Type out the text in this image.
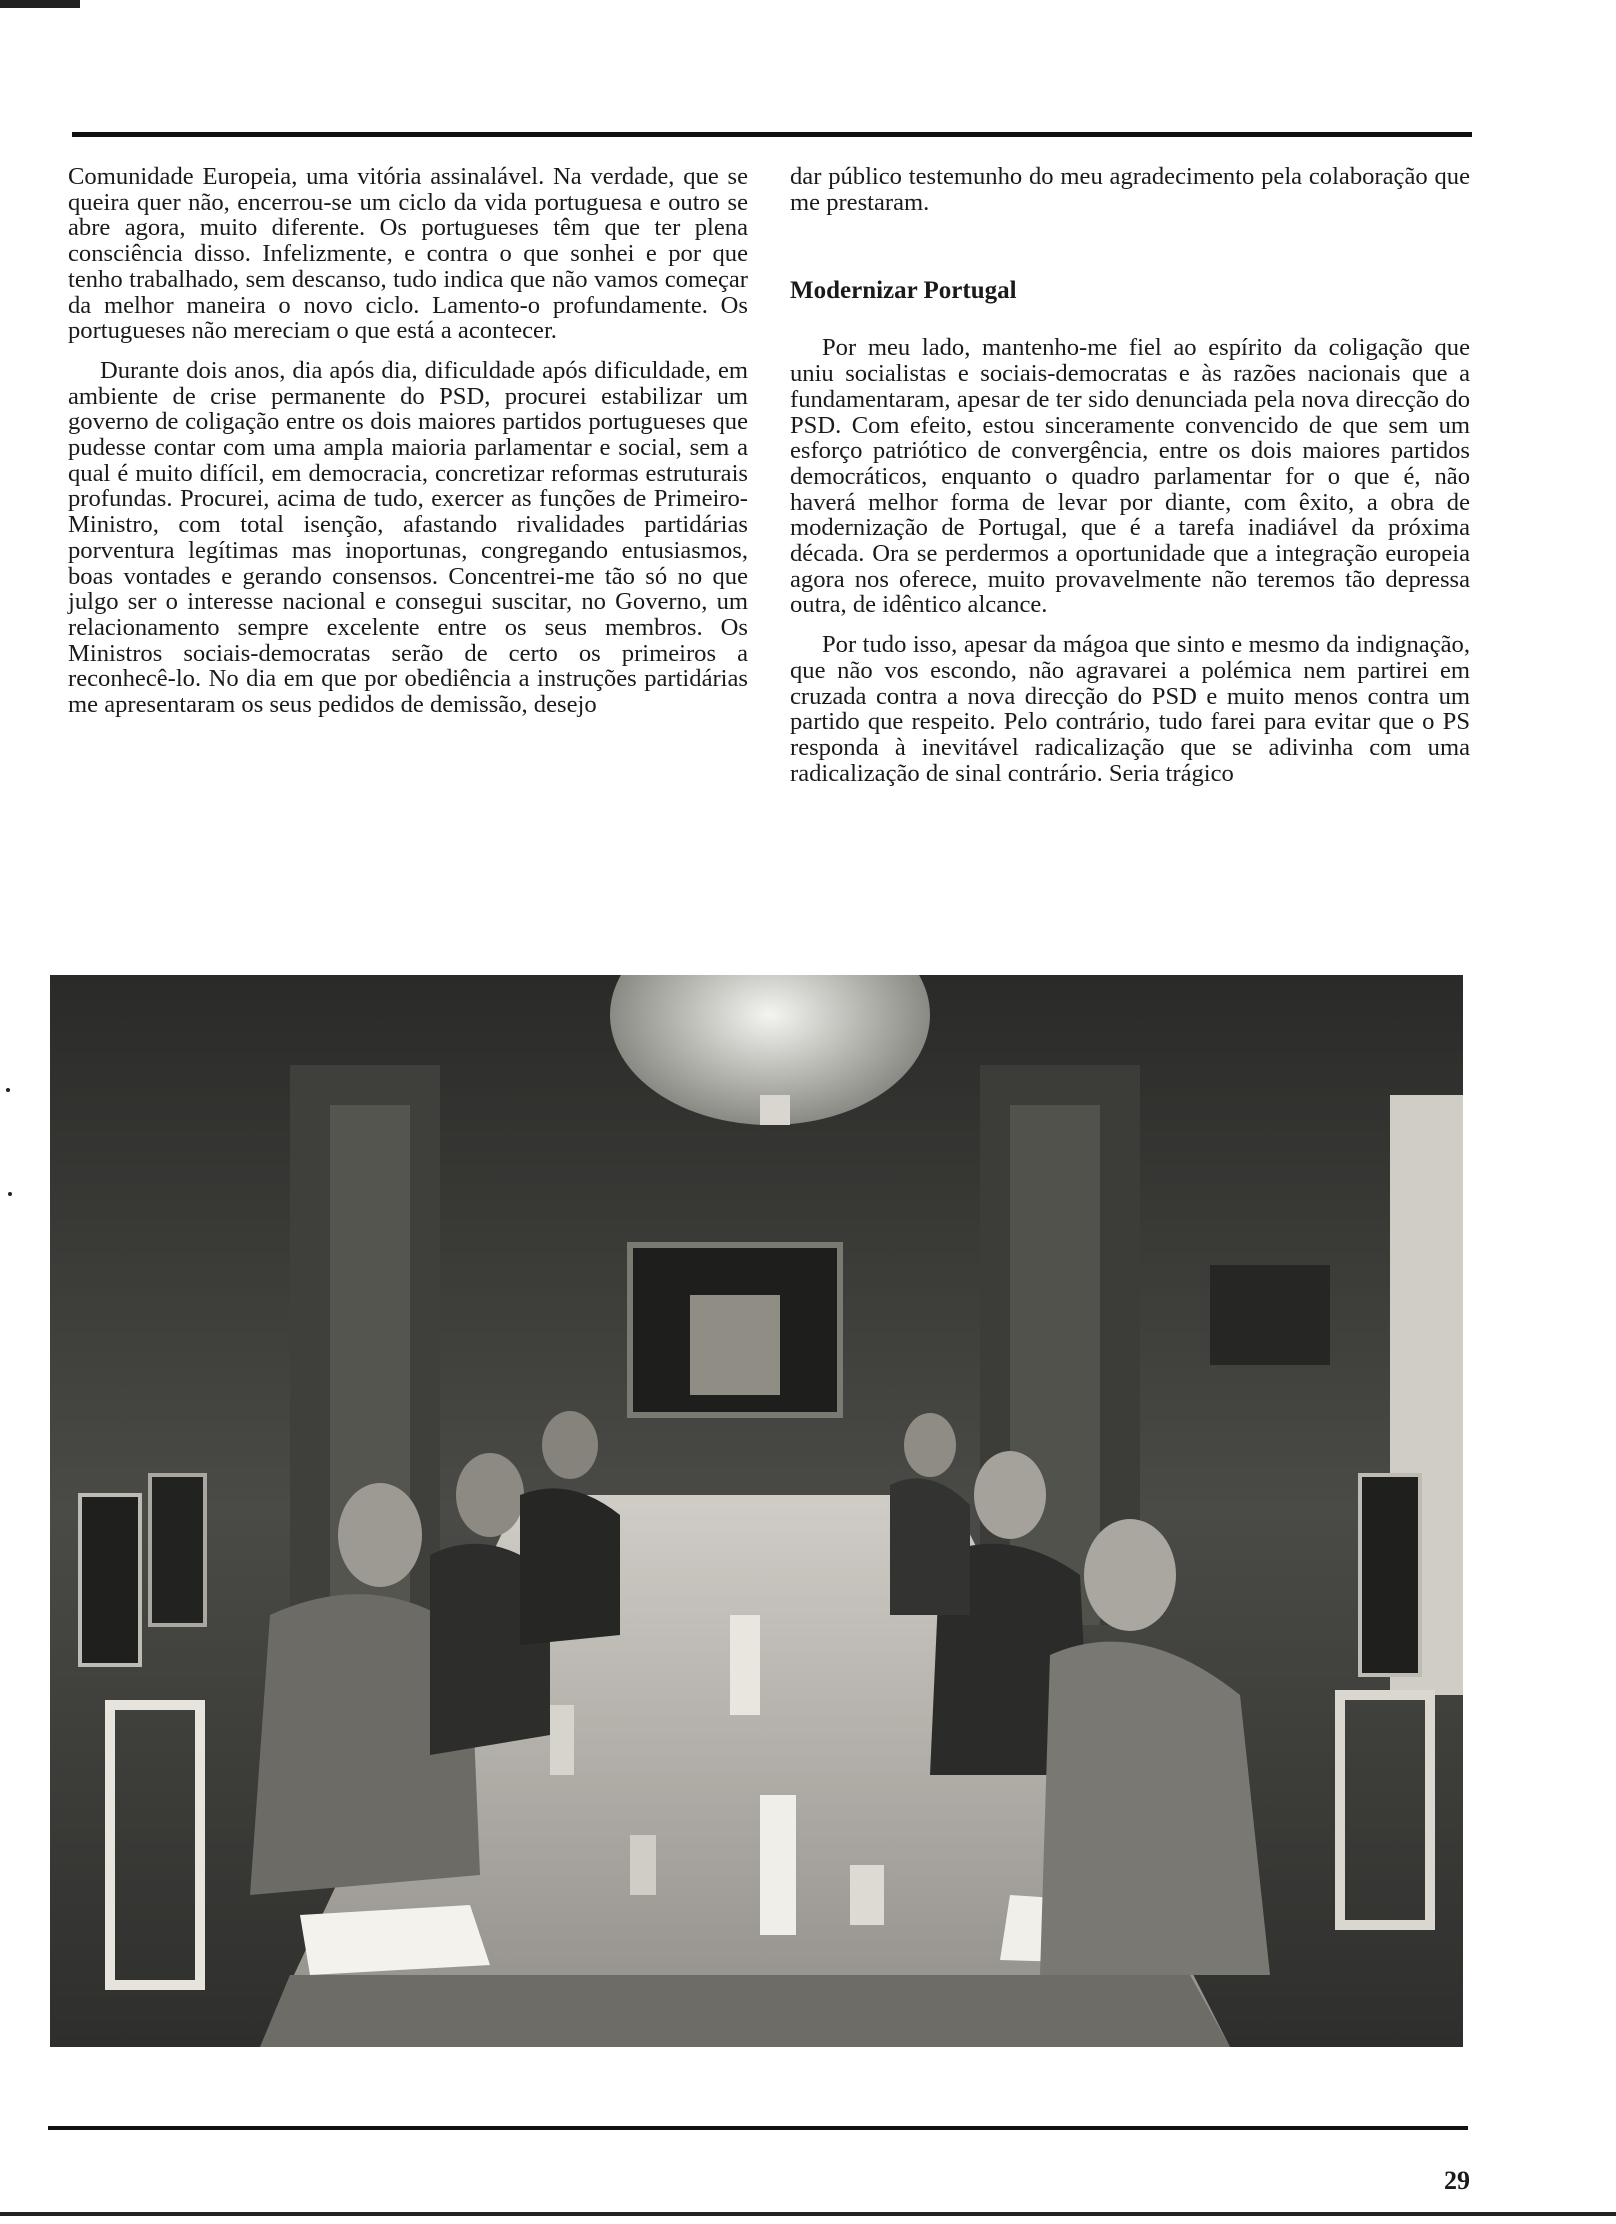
Comunidade Europeia, uma vitória assinalável. Na verdade, que se queira quer não, encerrou-se um ciclo da vida portuguesa e outro se abre agora, muito diferente. Os portugueses têm que ter plena consciência disso. Infelizmente, e contra o que sonhei e por que tenho trabalhado, sem descanso, tudo indica que não vamos começar da melhor maneira o novo ciclo. Lamento-o profundamente. Os portugueses não mereciam o que está a acontecer.

Durante dois anos, dia após dia, dificuldade após dificuldade, em ambiente de crise permanente do PSD, procurei estabilizar um governo de coligação entre os dois maiores partidos portugueses que pudesse contar com uma ampla maioria parlamentar e social, sem a qual é muito difícil, em democracia, concretizar reformas estruturais profundas. Procurei, acima de tudo, exercer as funções de Primeiro-Ministro, com total isenção, afastando rivalidades partidárias porventura legítimas mas inoportunas, congregando entusiasmos, boas vontades e gerando consensos. Concentrei-me tão só no que julgo ser o interesse nacional e consegui suscitar, no Governo, um relacionamento sempre excelente entre os seus membros. Os Ministros sociais-democratas serão de certo os primeiros a reconhecê-lo. No dia em que por obediência a instruções partidárias me apresentaram os seus pedidos de demissão, desejo

dar público testemunho do meu agradecimento pela colaboração que me prestaram.

Modernizar Portugal

Por meu lado, mantenho-me fiel ao espírito da coligação que uniu socialistas e sociais-democratas e às razões nacionais que a fundamentaram, apesar de ter sido denunciada pela nova direcção do PSD. Com efeito, estou sinceramente convencido de que sem um esforço patriótico de convergência, entre os dois maiores partidos democráticos, enquanto o quadro parlamentar for o que é, não haverá melhor forma de levar por diante, com êxito, a obra de modernização de Portugal, que é a tarefa inadiável da próxima década. Ora se perdermos a oportunidade que a integração europeia agora nos oferece, muito provavelmente não teremos tão depressa outra, de idêntico alcance.

Por tudo isso, apesar da mágoa que sinto e mesmo da indignação, que não vos escondo, não agravarei a polémica nem partirei em cruzada contra a nova direcção do PSD e muito menos contra um partido que respeito. Pelo contrário, tudo farei para evitar que o PS responda à inevitável radicalização que se adivinha com uma radicalização de sinal contrário. Seria trágico

29
